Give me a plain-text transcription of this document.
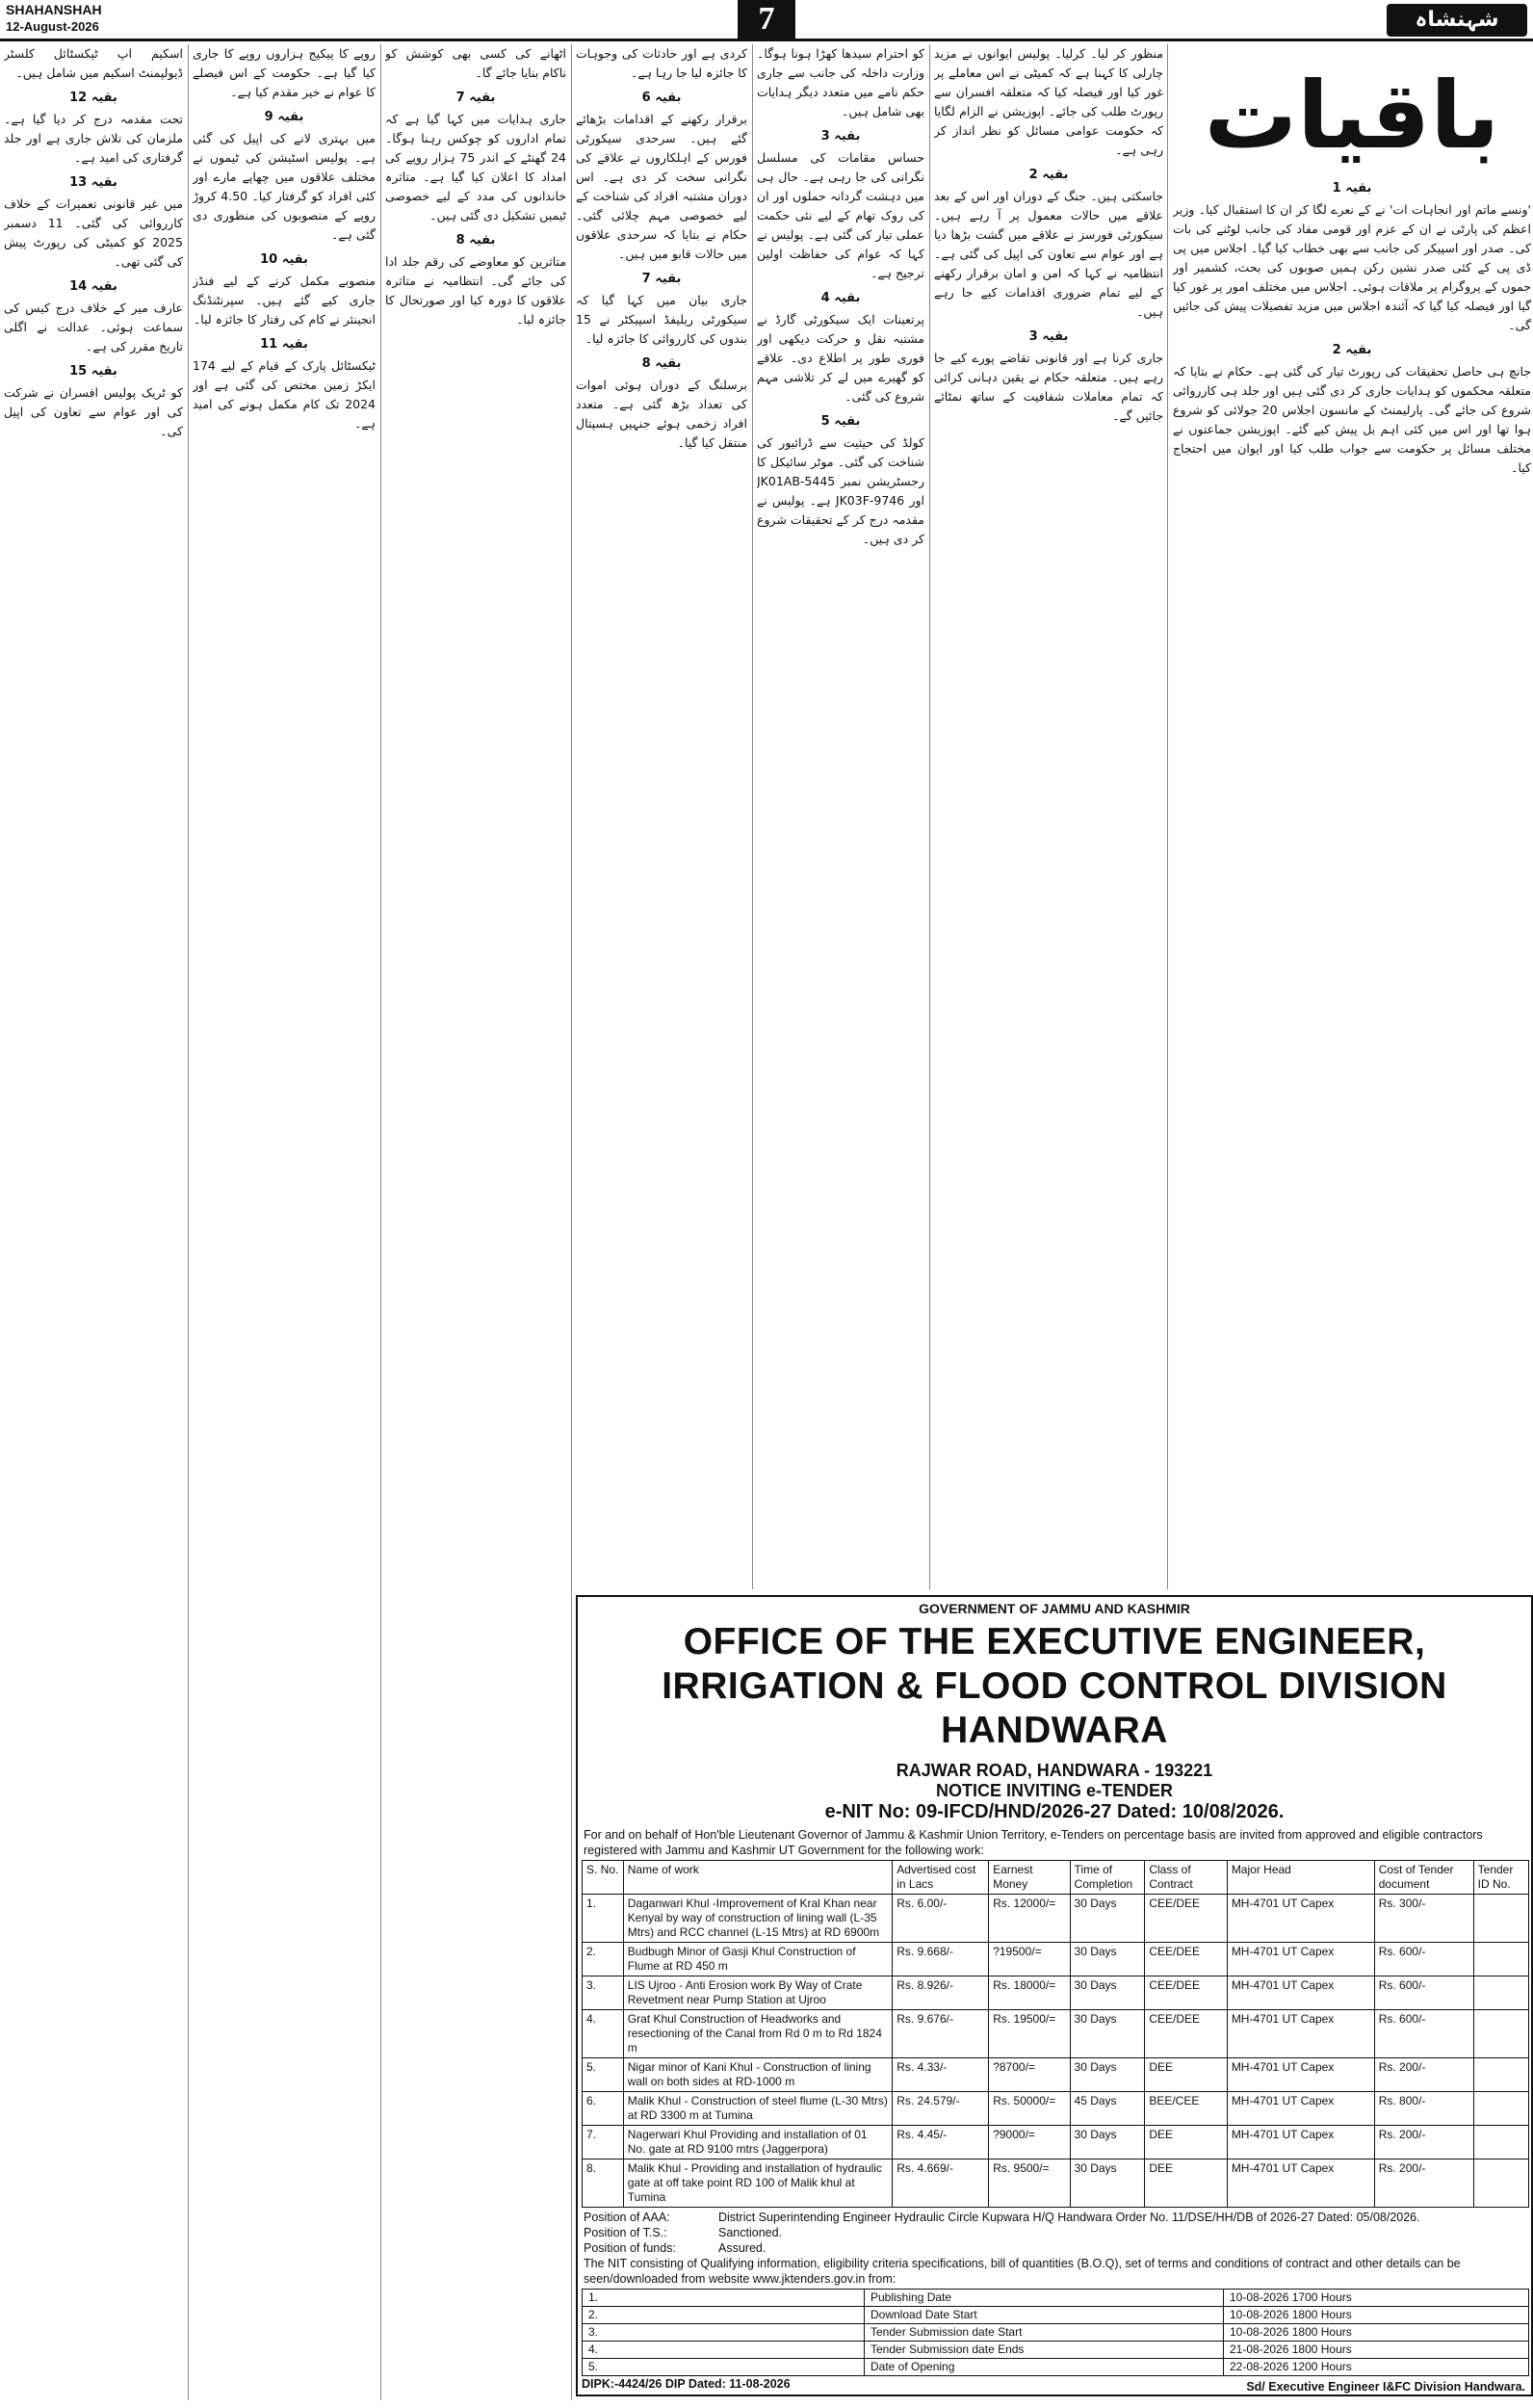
SHAHANSHAH
12-August-2026	7	شہنشاہ
باقیات
بقیہ 1
'ونسے ماتم اور انجاہات ات' نے کے نعرے لگا کر ان کا استقبال کیا۔ وزیر اعظم کی پارٹی نے ان کے عزم اور قومی مفاد کی جانب لوٹنے کی بات کی۔ صدر اور اسپیکر کی جانب سے بھی خطاب کیا گیا۔ اجلاس میں پی ڈی پی کے کئی صدر نشین رکن ہمیں صوبوں کی بحث، کشمیر اور جموں کے پروگرام پر ملاقات ہوئی۔ اجلاس میں مختلف امور پر غور کیا گیا اور فیصلہ کیا گیا کہ آئندہ اجلاس میں مزید تفصیلات پیش کی جائیں گی۔
بقیہ 2
جانچ ہی حاصل تحقیقات کی رپورٹ تیار کی گئی ہے۔ حکام نے بتایا کہ متعلقہ محکموں کو ہدایات جاری کر دی گئی ہیں اور جلد ہی کارروائی شروع کی جائے گی۔ پارلیمنٹ کے مانسون اجلاس 20 جولائی کو شروع ہوا تھا اور اس میں کئی اہم بل پیش کیے گئے۔ اپوزیشن جماعتوں نے مختلف مسائل پر حکومت سے جواب طلب کیا اور ایوان میں احتجاج کیا۔
منظور کر لیا۔ کرلیا۔ پولیس ایوانوں نے مزید چارلی کا کہنا ہے کہ کمیٹی نے اس معاملے پر غور کیا اور فیصلہ کیا کہ متعلقہ افسران سے رپورٹ طلب کی جائے۔ اپوزیشن نے الزام لگایا کہ حکومت عوامی مسائل کو نظر انداز کر رہی ہے۔
بقیہ 2
جاسکتی ہیں۔ جنگ کے دوران اور اس کے بعد علاقے میں حالات معمول پر آ رہے ہیں۔ سیکورٹی فورسز نے علاقے میں گشت بڑھا دیا ہے اور عوام سے تعاون کی اپیل کی گئی ہے۔ انتظامیہ نے کہا کہ امن و امان برقرار رکھنے کے لیے تمام ضروری اقدامات کیے جا رہے ہیں۔
بقیہ 3
جاری کرنا ہے اور قانونی تقاضے پورے کیے جا رہے ہیں۔ متعلقہ حکام نے یقین دہانی کرائی کہ تمام معاملات شفافیت کے ساتھ نمٹائے جائیں گے۔
کو احترام سیدھا کھڑا ہونا ہوگا۔ وزارت داخلہ کی جانب سے جاری حکم نامے میں متعدد دیگر ہدایات بھی شامل ہیں۔
بقیہ 3
حساس مقامات کی مسلسل نگرانی کی جا رہی ہے۔ حال ہی میں دہشت گردانہ حملوں اور ان کی روک تھام کے لیے نئی حکمت عملی تیار کی گئی ہے۔ پولیس نے کہا کہ عوام کی حفاظت اولین ترجیح ہے۔
بقیہ 4
پرتعینات ایک سیکورٹی گارڈ نے مشتبہ نقل و حرکت دیکھی اور فوری طور پر اطلاع دی۔ علاقے کو گھیرے میں لے کر تلاشی مہم شروع کی گئی۔
بقیہ 5
کولڈ کی حیثیت سے ڈرائیور کی شناخت کی گئی۔ موٹر سائیکل کا رجسٹریشن نمبر JK01AB-5445 اور JK03F-9746 ہے۔ پولیس نے مقدمہ درج کر کے تحقیقات شروع کر دی ہیں۔
کردی ہے اور حادثات کی وجوہات کا جائزہ لیا جا رہا ہے۔
بقیہ 6
برقرار رکھنے کے اقدامات بڑھائے گئے ہیں۔ سرحدی سیکورٹی فورس کے اہلکاروں نے علاقے کی نگرانی سخت کر دی ہے۔ اس دوران مشتبہ افراد کی شناخت کے لیے خصوصی مہم چلائی گئی۔ حکام نے بتایا کہ سرحدی علاقوں میں حالات قابو میں ہیں۔
بقیہ 7
جاری بیان میں کہا گیا کہ سیکورٹی ریلیفڈ اسپیکٹر نے 15 بندوں کی کارروائی کا جائزہ لیا۔
بقیہ 8
برسلنگ کے دوران ہوئی اموات کی تعداد بڑھ گئی ہے۔ متعدد افراد زخمی ہوئے جنہیں ہسپتال منتقل کیا گیا۔
اٹھانے کی کسی بھی کوشش کو ناکام بنایا جائے گا۔
بقیہ 7
جاری ہدایات میں کہا گیا ہے کہ تمام اداروں کو چوکس رہنا ہوگا۔ 24 گھنٹے کے اندر 75 ہزار روپے کی امداد کا اعلان کیا گیا ہے۔ متاثرہ خاندانوں کی مدد کے لیے خصوصی ٹیمیں تشکیل دی گئی ہیں۔
بقیہ 8
متاثرین کو معاوضے کی رقم جلد ادا کی جائے گی۔ انتظامیہ نے متاثرہ علاقوں کا دورہ کیا اور صورتحال کا جائزہ لیا۔
روپے کا پیکیج ہزاروں روپے کا جاری کیا گیا ہے۔ حکومت کے اس فیصلے کا عوام نے خیر مقدم کیا ہے۔
بقیہ 9
میں بہتری لانے کی اپیل کی گئی ہے۔ پولیس اسٹیشن کی ٹیموں نے مختلف علاقوں میں چھاپے مارے اور کئی افراد کو گرفتار کیا۔ 4.50 کروڑ روپے کے منصوبوں کی منظوری دی گئی ہے۔
بقیہ 10
منصوبے مکمل کرنے کے لیے فنڈز جاری کیے گئے ہیں۔ سپرنٹنڈنگ انجینئر نے کام کی رفتار کا جائزہ لیا۔
بقیہ 11
ٹیکسٹائل پارک کے قیام کے لیے 174 ایکڑ زمین مختص کی گئی ہے اور 2024 تک کام مکمل ہونے کی امید ہے۔
اسکیم اپ ٹیکسٹائل کلسٹر ڈیولپمنٹ اسکیم میں شامل ہیں۔
بقیہ 12
تحت مقدمہ درج کر دیا گیا ہے۔ ملزمان کی تلاش جاری ہے اور جلد گرفتاری کی امید ہے۔
بقیہ 13
میں غیر قانونی تعمیرات کے خلاف کارروائی کی گئی۔ 11 دسمبر 2025 کو کمیٹی کی رپورٹ پیش کی گئی تھی۔
بقیہ 14
عارف میر کے خلاف درج کیس کی سماعت ہوئی۔ عدالت نے اگلی تاریخ مقرر کی ہے۔
بقیہ 15
کو ٹریک پولیس افسران نے شرکت کی اور عوام سے تعاون کی اپیل کی۔
GOVERNMENT OF JAMMU AND KASHMIR
OFFICE OF THE EXECUTIVE ENGINEER, IRRIGATION & FLOOD CONTROL DIVISION HANDWARA
RAJWAR ROAD, HANDWARA - 193221
NOTICE INVITING e-TENDER
e-NIT No: 09-IFCD/HND/2026-27 Dated: 10/08/2026.
For and on behalf of Hon'ble Lieutenant Governor of Jammu & Kashmir Union Territory, e-Tenders on percentage basis are invited from approved and eligible contractors registered with Jammu and Kashmir UT Government for the following work:
S. No.	Name of work	Advertised cost in Lacs	Earnest Money	Time of Completion	Class of Contract	Major Head	Cost of Tender document	Tender ID No.
1.	Daganwari Khul -Improvement of Kral Khan near Kenyal by way of construction of lining wall (L-35 Mtrs) and RCC channel (L-15 Mtrs) at RD 6900m	Rs. 6.00/-	Rs. 12000/=	30 Days	CEE/DEE	MH-4701 UT Capex	Rs. 300/-	
2.	Budbugh Minor of Gasji Khul Construction of Flume at RD 450 m	Rs. 9.668/-	?19500/=	30 Days	CEE/DEE	MH-4701 UT Capex	Rs. 600/-	
3.	LIS Ujroo - Anti Erosion work By Way of Crate Revetment near Pump Station at Ujroo	Rs. 8.926/-	Rs. 18000/=	30 Days	CEE/DEE	MH-4701 UT Capex	Rs. 600/-	
4.	Grat Khul Construction of Headworks and resectioning of the Canal from Rd 0 m to Rd 1824 m	Rs. 9.676/-	Rs. 19500/=	30 Days	CEE/DEE	MH-4701 UT Capex	Rs. 600/-	
5.	Nigar minor of Kani Khul - Construction of lining wall on both sides at RD-1000 m	Rs. 4.33/-	?8700/=	30 Days	DEE	MH-4701 UT Capex	Rs. 200/-	
6.	Malik Khul - Construction of steel flume (L-30 Mtrs) at RD 3300 m at Tumina	Rs. 24.579/-	Rs. 50000/=	45 Days	BEE/CEE	MH-4701 UT Capex	Rs. 800/-	
7.	Nagerwari Khul Providing and installation of 01 No. gate at RD 9100 mtrs (Jaggerpora)	Rs. 4.45/-	?9000/=	30 Days	DEE	MH-4701 UT Capex	Rs. 200/-	
8.	Malik Khul - Providing and installation of hydraulic gate at off take point RD 100 of Malik khul at Tumina	Rs. 4.669/-	Rs. 9500/=	30 Days	DEE	MH-4701 UT Capex	Rs. 200/-	
Position of AAA:	District Superintending Engineer Hydraulic Circle Kupwara H/Q Handwara Order No. 11/DSE/HH/DB of 2026-27 Dated: 05/08/2026.
Position of T.S.:	Sanctioned.
Position of funds:	Assured.
The NIT consisting of Qualifying information, eligibility criteria specifications, bill of quantities (B.O.Q), set of terms and conditions of contract and other details can be seen/downloaded from website www.jktenders.gov.in from:
1.	Publishing Date	10-08-2026 1700 Hours
2.	Download Date Start	10-08-2026 1800 Hours
3.	Tender Submission date Start	10-08-2026 1800 Hours
4.	Tender Submission date Ends	21-08-2026 1800 Hours
5.	Date of Opening	22-08-2026 1200 Hours
Sd/ Executive Engineer I&FC Division Handwara.
DIPK:-4424/26 DIP Dated: 11-08-2026
